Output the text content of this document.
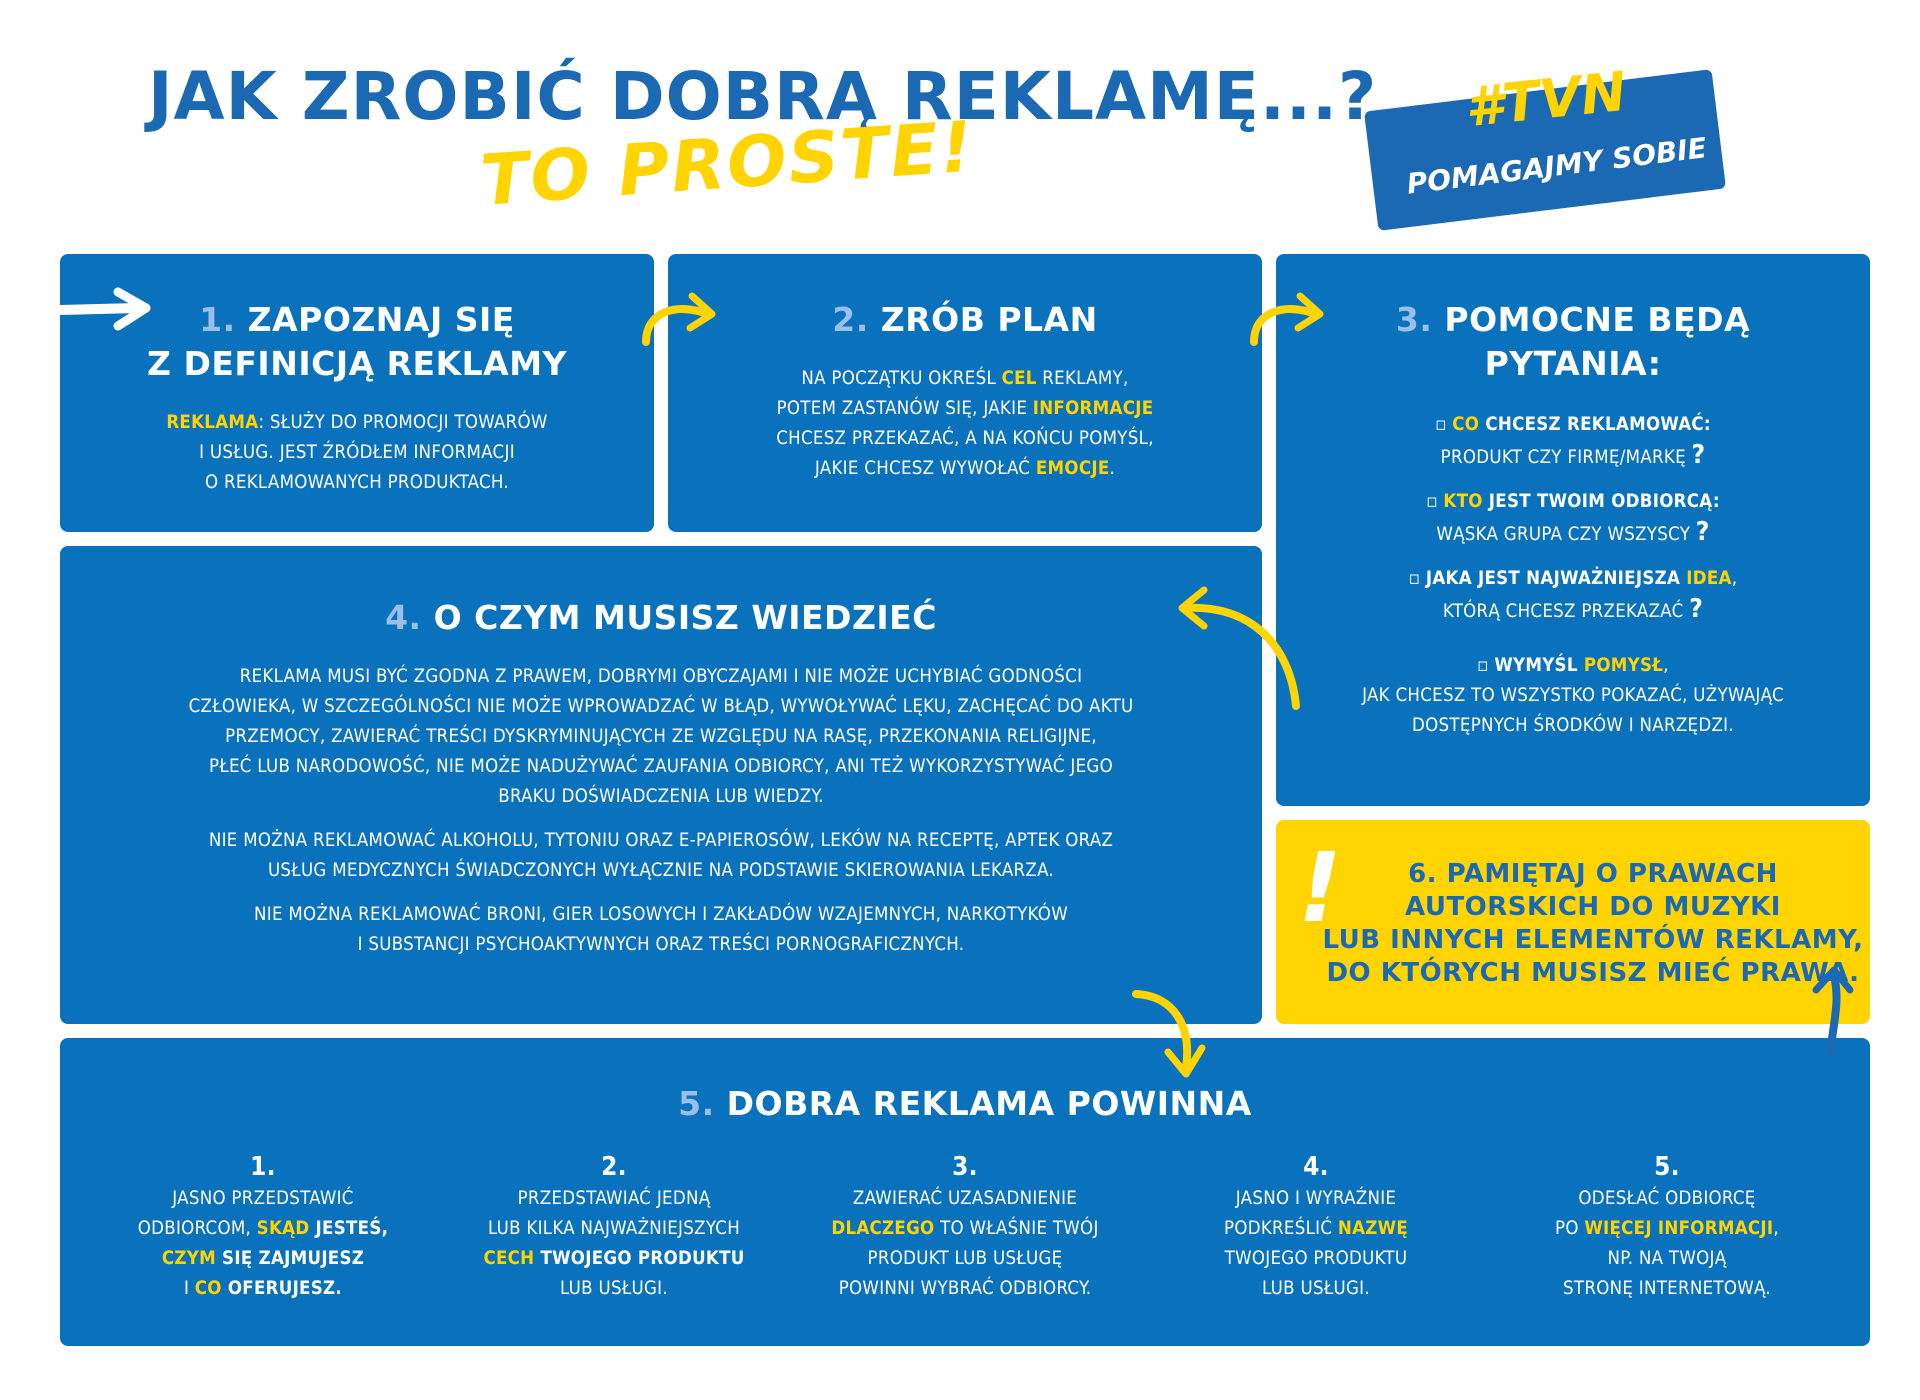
JAK ZROBIĆ DOBRĄ REKLAMĘ...?
TO PROSTE!
#TVN
POMAGAJMY SOBIE
1. ZAPOZNAJ SIĘ
Z DEFINICJĄ REKLAMY
REKLAMA: SŁUŻY DO PROMOCJI TOWARÓW
I USŁUG. JEST ŹRÓDŁEM INFORMACJI
O REKLAMOWANYCH PRODUKTACH.
2. ZRÓB PLAN
NA POCZĄTKU OKREŚL CEL REKLAMY,
POTEM ZASTANÓW SIĘ, JAKIE INFORMACJE
CHCESZ PRZEKAZAĆ, A NA KOŃCU POMYŚL,
JAKIE CHCESZ WYWOŁAĆ EMOCJE.
3. POMOCNE BĘDĄ
PYTANIA:
▫ CO CHCESZ REKLAMOWAĆ:
PRODUKT CZY FIRMĘ/MARKĘ ?
▫ KTO JEST TWOIM ODBIORCĄ:
WĄSKA GRUPA CZY WSZYSCY ?
▫ JAKA JEST NAJWAŻNIEJSZA IDEA,
KTÓRĄ CHCESZ PRZEKAZAĆ ?
▫ WYMYŚL POMYSŁ,
JAK CHCESZ TO WSZYSTKO POKAZAĆ, UŻYWAJĄC
DOSTĘPNYCH ŚRODKÓW I NARZĘDZI.
4. O CZYM MUSISZ WIEDZIEĆ
REKLAMA MUSI BYĆ ZGODNA Z PRAWEM, DOBRYMI OBYCZAJAMI I NIE MOŻE UCHYBIAĆ GODNOŚCI
CZŁOWIEKA, W SZCZEGÓLNOŚCI NIE MOŻE WPROWADZAĆ W BŁĄD, WYWOŁYWAĆ LĘKU, ZACHĘCAĆ DO AKTU
PRZEMOCY, ZAWIERAĆ TREŚCI DYSKRYMINUJĄCYCH ZE WZGLĘDU NA RASĘ, PRZEKONANIA RELIGIJNE,
PŁEĆ LUB NARODOWOŚĆ, NIE MOŻE NADUŻYWAĆ ZAUFANIA ODBIORCY, ANI TEŻ WYKORZYSTYWAĆ JEGO
BRAKU DOŚWIADCZENIA LUB WIEDZY.
NIE MOŻNA REKLAMOWAĆ ALKOHOLU, TYTONIU ORAZ E-PAPIEROSÓW, LEKÓW NA RECEPTĘ, APTEK ORAZ
USŁUG MEDYCZNYCH ŚWIADCZONYCH WYŁĄCZNIE NA PODSTAWIE SKIEROWANIA LEKARZA.
NIE MOŻNA REKLAMOWAĆ BRONI, GIER LOSOWYCH I ZAKŁADÓW WZAJEMNYCH, NARKOTYKÓW
I SUBSTANCJI PSYCHOAKTYWNYCH ORAZ TREŚCI PORNOGRAFICZNYCH.
!	6. PAMIĘTAJ O PRAWACH
AUTORSKICH DO MUZYKI
LUB INNYCH ELEMENTÓW REKLAMY,
DO KTÓRYCH MUSISZ MIEĆ PRAWA.
5. DOBRA REKLAMA POWINNA
1.
JASNO PRZEDSTAWIĆ
ODBIORCOM, SKĄD JESTEŚ,
CZYM SIĘ ZAJMUJESZ
I CO OFERUJESZ.
2.
PRZEDSTAWIAĆ JEDNĄ
LUB KILKA NAJWAŻNIEJSZYCH
CECH TWOJEGO PRODUKTU
LUB USŁUGI.
3.
ZAWIERAĆ UZASADNIENIE
DLACZEGO TO WŁAŚNIE TWÓJ
PRODUKT LUB USŁUGĘ
POWINNI WYBRAĆ ODBIORCY.
4.
JASNO I WYRAŹNIE
PODKREŚLIĆ NAZWĘ
TWOJEGO PRODUKTU
LUB USŁUGI.
5.
ODESŁAĆ ODBIORCĘ
PO WIĘCEJ INFORMACJI,
NP. NA TWOJĄ
STRONĘ INTERNETOWĄ.
